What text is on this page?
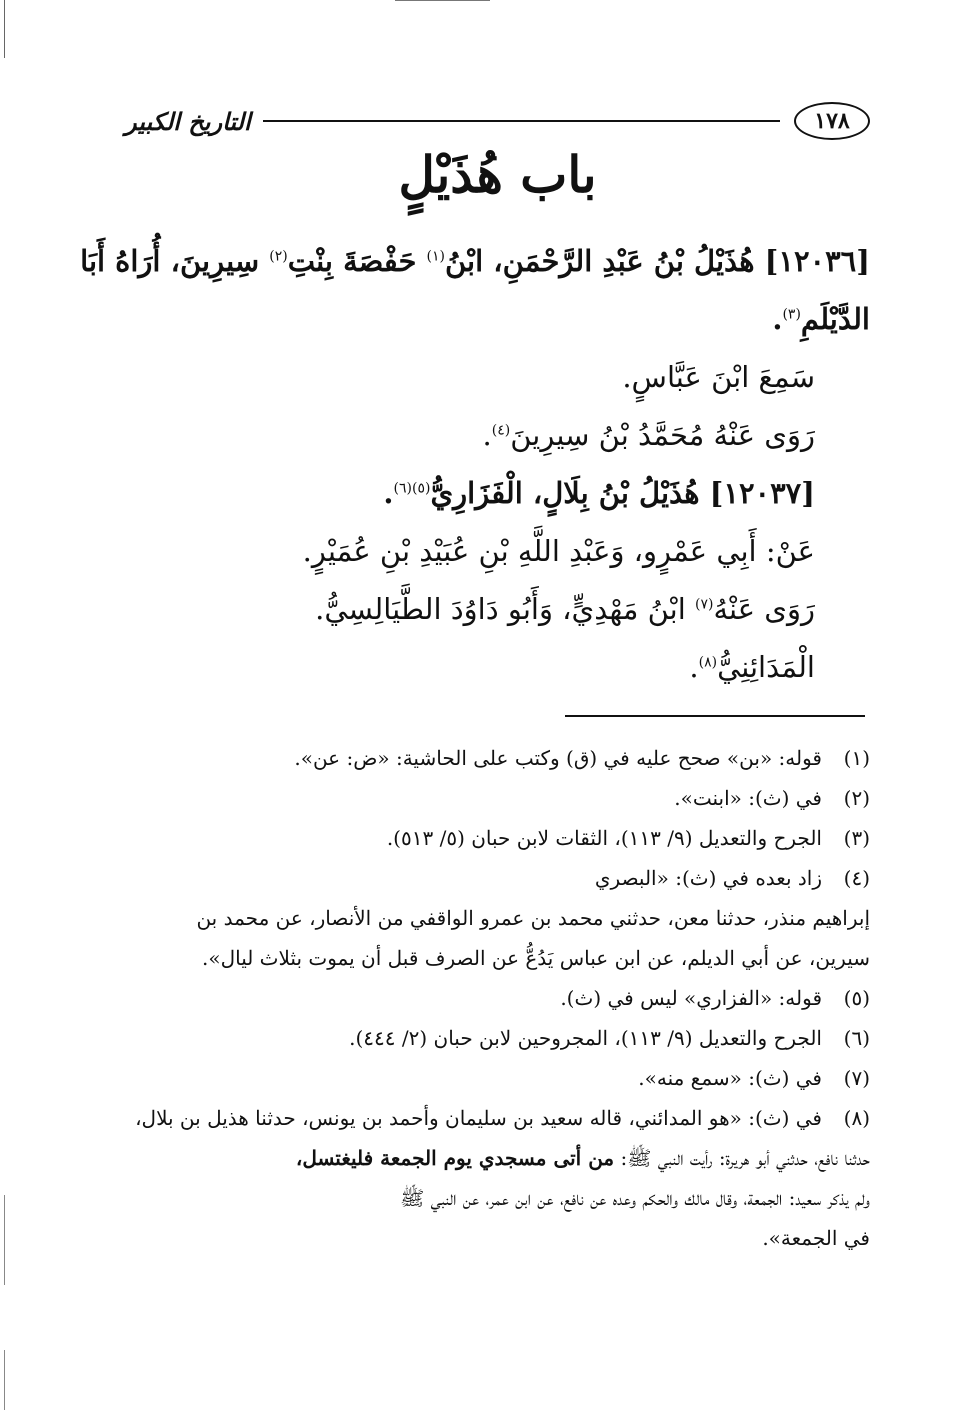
١٧٨
التاريخ الكبير
باب هُذَيْلٍ
[١٢٠٣٦] هُذَيْلُ بْنُ عَبْدِ الرَّحْمَنِ، ابْنُ$^{(١)}$ حَفْصَةَ بِنْتِ$^{(٢)}$ سِيرِينَ، أُرَاهُ أَبَا
الدَّيْلَمِ$^{(٣)}$.
سَمِعَ ابْنَ عَبَّاسٍ.
رَوَى عَنْهُ مُحَمَّدُ بْنُ سِيرِينَ$^{(٤)}$.
[١٢٠٣٧] هُذَيْلُ بْنُ بِلَالٍ، الْفَزَارِيُّ$^{(٥)(٦)}$.
عَنْ: أَبِي عَمْرٍو، وَعَبْدِ اللَّهِ بْنِ عُبَيْدِ بْنِ عُمَيْرٍ.
رَوَى عَنْهُ$^{(٧)}$ ابْنُ مَهْدِيٍّ، وَأَبُو دَاوُدَ الطَّيَالِسِيُّ.
الْمَدَائِنِيُّ$^{(٨)}$.
(١)
قوله: «بن» صحح عليه في (ق) وكتب على الحاشية: «ض: عن».
(٢)
في (ث): «ابنت».
(٣)
الجرح والتعديل (٩/ ١١٣)، الثقات لابن حبان (٥/ ٥١٣).
(٤)
زاد بعده في (ث): «البصري
إبراهيم منذر، حدثنا معن، حدثني محمد بن عمرو الواقفي من الأنصار، عن محمد بن
سيرين، عن أبي الديلم، عن ابن عباس يَدُعُّ عن الصرف قبل أن يموت بثلاث ليال».
(٥)
قوله: «الفزاري» ليس في (ث).
(٦)
الجرح والتعديل (٩/ ١١٣)، المجروحين لابن حبان (٢/ ٤٤٤).
(٧)
في (ث): «سمع منه».
(٨)
في (ث): «هو المدائني، قاله سعيد بن سليمان وأحمد بن يونس، حدثنا هذيل بن بلال،
حدثنا نافع، حدثني أبو هريرة: رأيت النبي ﷺ: من أتى مسجدي يوم الجمعة فليغتسل،
ولم يذكر سعيد: الجمعة، وقال مالك والحكم وعده عن نافع، عن ابن عمر، عن النبي ﷺ
في الجمعة».
